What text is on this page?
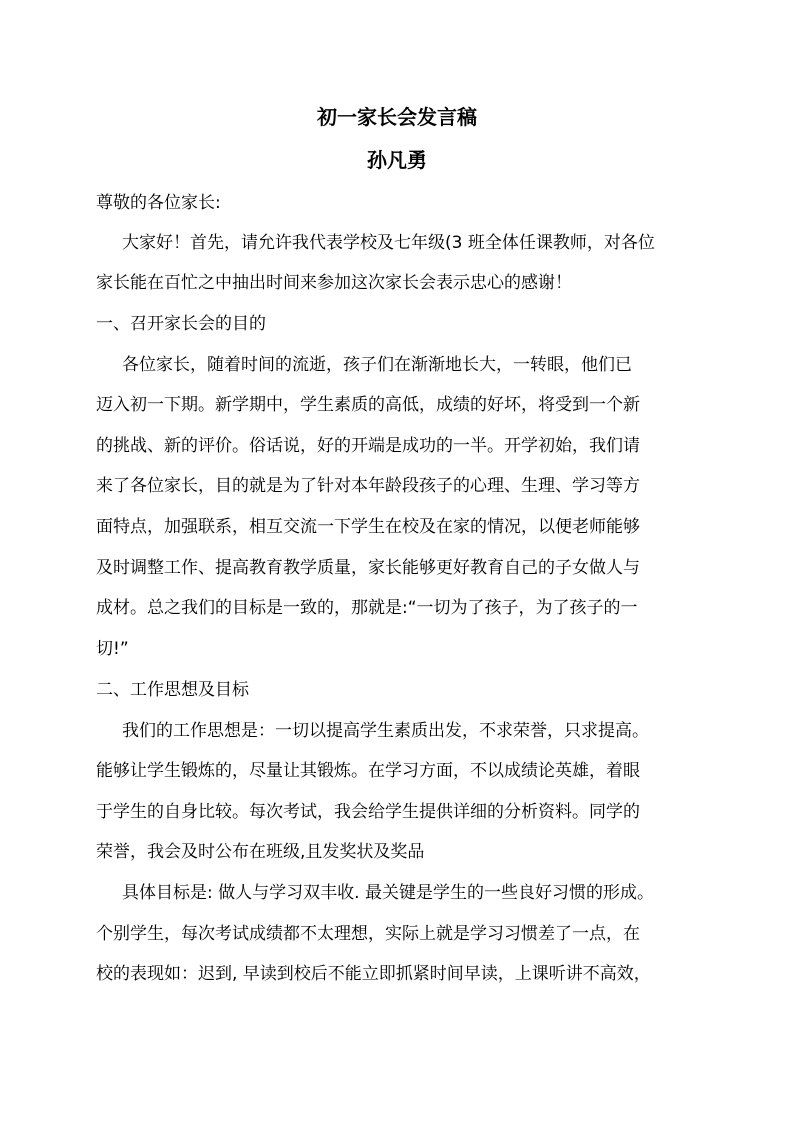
初一家长会发言稿
孙凡勇

尊敬的各位家长:

大家好！首先，请允许我代表学校及七年级(3 班全体任课教师，对各位

家长能在百忙之中抽出时间来参加这次家长会表示忠心的感谢！

一、召开家长会的目的

各位家长，随着时间的流逝，孩子们在渐渐地长大，一转眼，他们已

迈入初一下期。新学期中，学生素质的高低，成绩的好坏，将受到一个新

的挑战、新的评价。俗话说，好的开端是成功的一半。开学初始，我们请

来了各位家长，目的就是为了针对本年龄段孩子的心理、生理、学习等方

面特点，加强联系，相互交流一下学生在校及在家的情况，以便老师能够

及时调整工作、提高教育教学质量，家长能够更好教育自己的子女做人与

成材。总之我们的目标是一致的，那就是:“一切为了孩子，为了孩子的一

切!”

二、工作思想及目标

我们的工作思想是：一切以提高学生素质出发，不求荣誉，只求提高。

能够让学生锻炼的，尽量让其锻炼。在学习方面，不以成绩论英雄，着眼

于学生的自身比较。每次考试，我会给学生提供详细的分析资料。同学的

荣誉，我会及时公布在班级,且发奖状及奖品

具体目标是: 做人与学习双丰收. 最关键是学生的一些良好习惯的形成。

个别学生，每次考试成绩都不太理想，实际上就是学习习惯差了一点，在

校的表现如：迟到, 早读到校后不能立即抓紧时间早读，上课听讲不高效，
